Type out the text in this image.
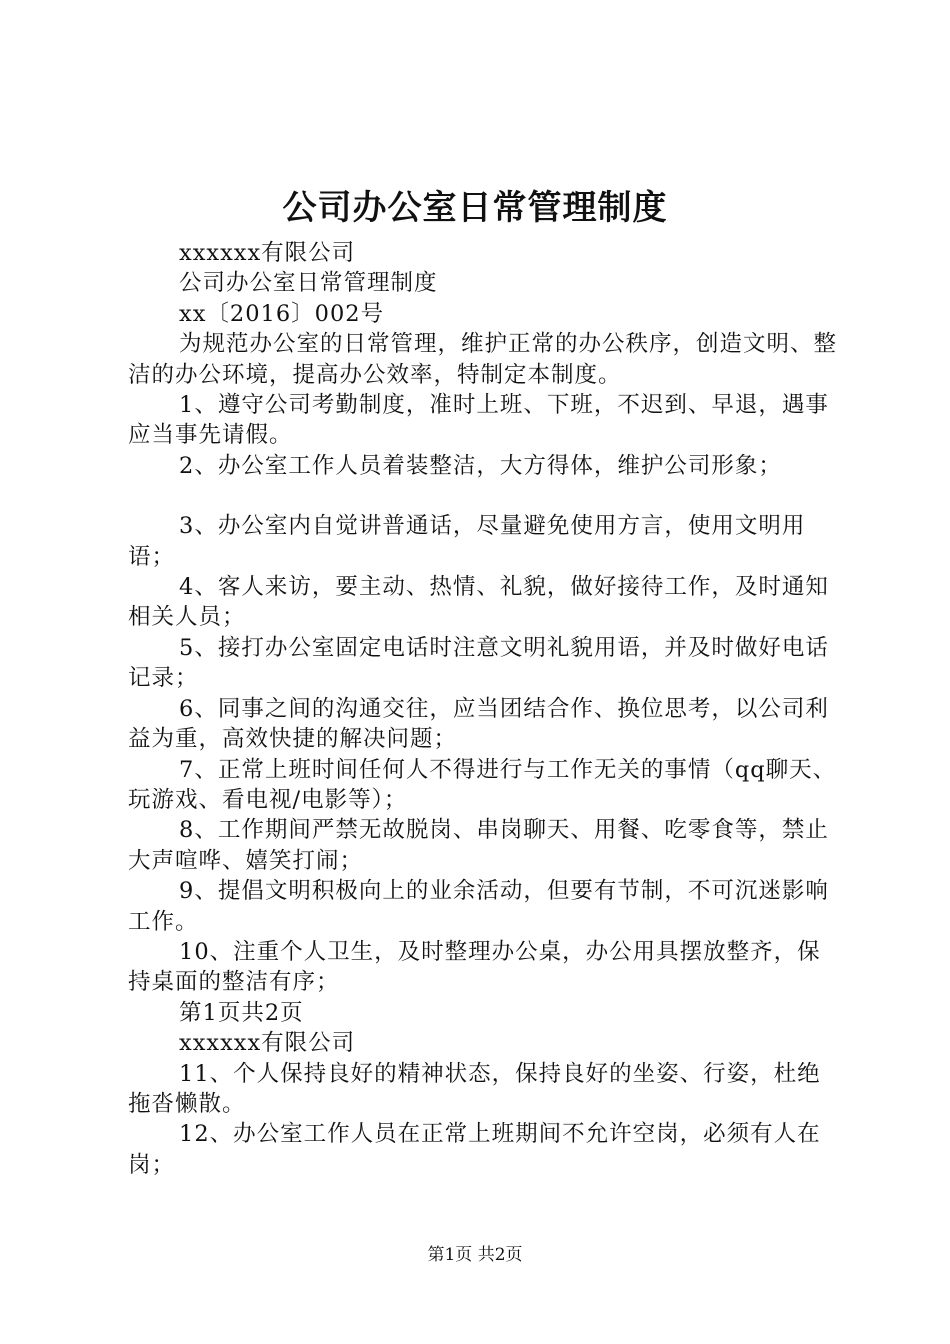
公司办公室日常管理制度

xxxxxx有限公司

公司办公室日常管理制度

xx〔2016〕002号

为规范办公室的日常管理，维护正常的办公秩序，创造文明、整洁的办公环境，提高办公效率，特制定本制度。

1、遵守公司考勤制度，准时上班、下班，不迟到、早退，遇事应当事先请假。

2、办公室工作人员着装整洁，大方得体，维护公司形象；

3、办公室内自觉讲普通话，尽量避免使用方言，使用文明用语；

4、客人来访，要主动、热情、礼貌，做好接待工作，及时通知相关人员；

5、接打办公室固定电话时注意文明礼貌用语，并及时做好电话记录；

6、同事之间的沟通交往，应当团结合作、换位思考，以公司利益为重，高效快捷的解决问题；

7、正常上班时间任何人不得进行与工作无关的事情（qq聊天、玩游戏、看电视/电影等）；

8、工作期间严禁无故脱岗、串岗聊天、用餐、吃零食等，禁止大声喧哗、嬉笑打闹；

9、提倡文明积极向上的业余活动，但要有节制，不可沉迷影响工作。

10、注重个人卫生，及时整理办公桌，办公用具摆放整齐，保持桌面的整洁有序；

第1页共2页

xxxxxx有限公司

11、个人保持良好的精神状态，保持良好的坐姿、行姿，杜绝拖沓懒散。

12、办公室工作人员在正常上班期间不允许空岗，必须有人在岗；

第1页 共2页
